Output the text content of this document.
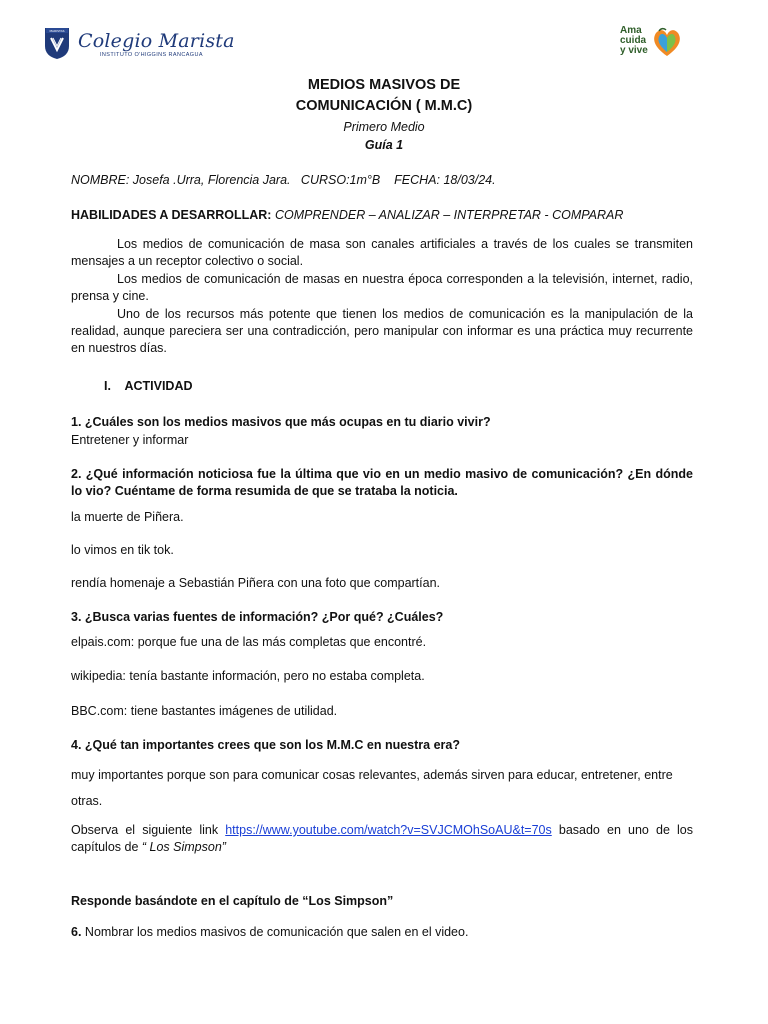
MARISTAS Colegio Marista
INSTITUTO O'HIGGINS RANCAGUA
Ama
cuida
y vive
MEDIOS MASIVOS DE
COMUNICACIÓN ( M.M.C)
Primero Medio
Guía 1
NOMBRE: Josefa .Urra, Florencia Jara.   CURSO:1m°B    FECHA: 18/03/24.
HABILIDADES A DESARROLLAR: COMPRENDER – ANALIZAR – INTERPRETAR - COMPARAR
Los medios de comunicación de masa son canales artificiales a través de los cuales se transmiten mensajes a un receptor colectivo o social.
Los medios de comunicación de masas en nuestra época corresponden a la televisión, internet, radio, prensa y cine.
Uno de los recursos más potente que tienen los medios de comunicación es la manipulación de la realidad, aunque pareciera ser una contradicción, pero manipular con informar es una práctica muy recurrente en nuestros días.
I. ACTIVIDAD
1. ¿Cuáles son los medios masivos que más ocupas en tu diario vivir?
Entretener y informar
2. ¿Qué información noticiosa fue la última que vio en un medio masivo de comunicación? ¿En dónde lo vio? Cuéntame de forma resumida de que se trataba la noticia.
la muerte de Piñera.
lo vimos en tik tok.
rendía homenaje a Sebastián Piñera con una foto que compartían.
3. ¿Busca varias fuentes de información? ¿Por qué? ¿Cuáles?
elpais.com: porque fue una de las más completas que encontré.
wikipedia: tenía bastante información, pero no estaba completa.
BBC.com: tiene bastantes imágenes de utilidad.
4. ¿Qué tan importantes crees que son los M.M.C en nuestra era?
muy importantes porque son para comunicar cosas relevantes, además sirven para educar, entretener, entre otras.
Observa el siguiente link https://www.youtube.com/watch?v=SVJCMOhSoAU&t=70s basado en uno de los capítulos de “ Los Simpson”
Responde basándote en el capítulo de “Los Simpson”
6. Nombrar los medios masivos de comunicación que salen en el video.
